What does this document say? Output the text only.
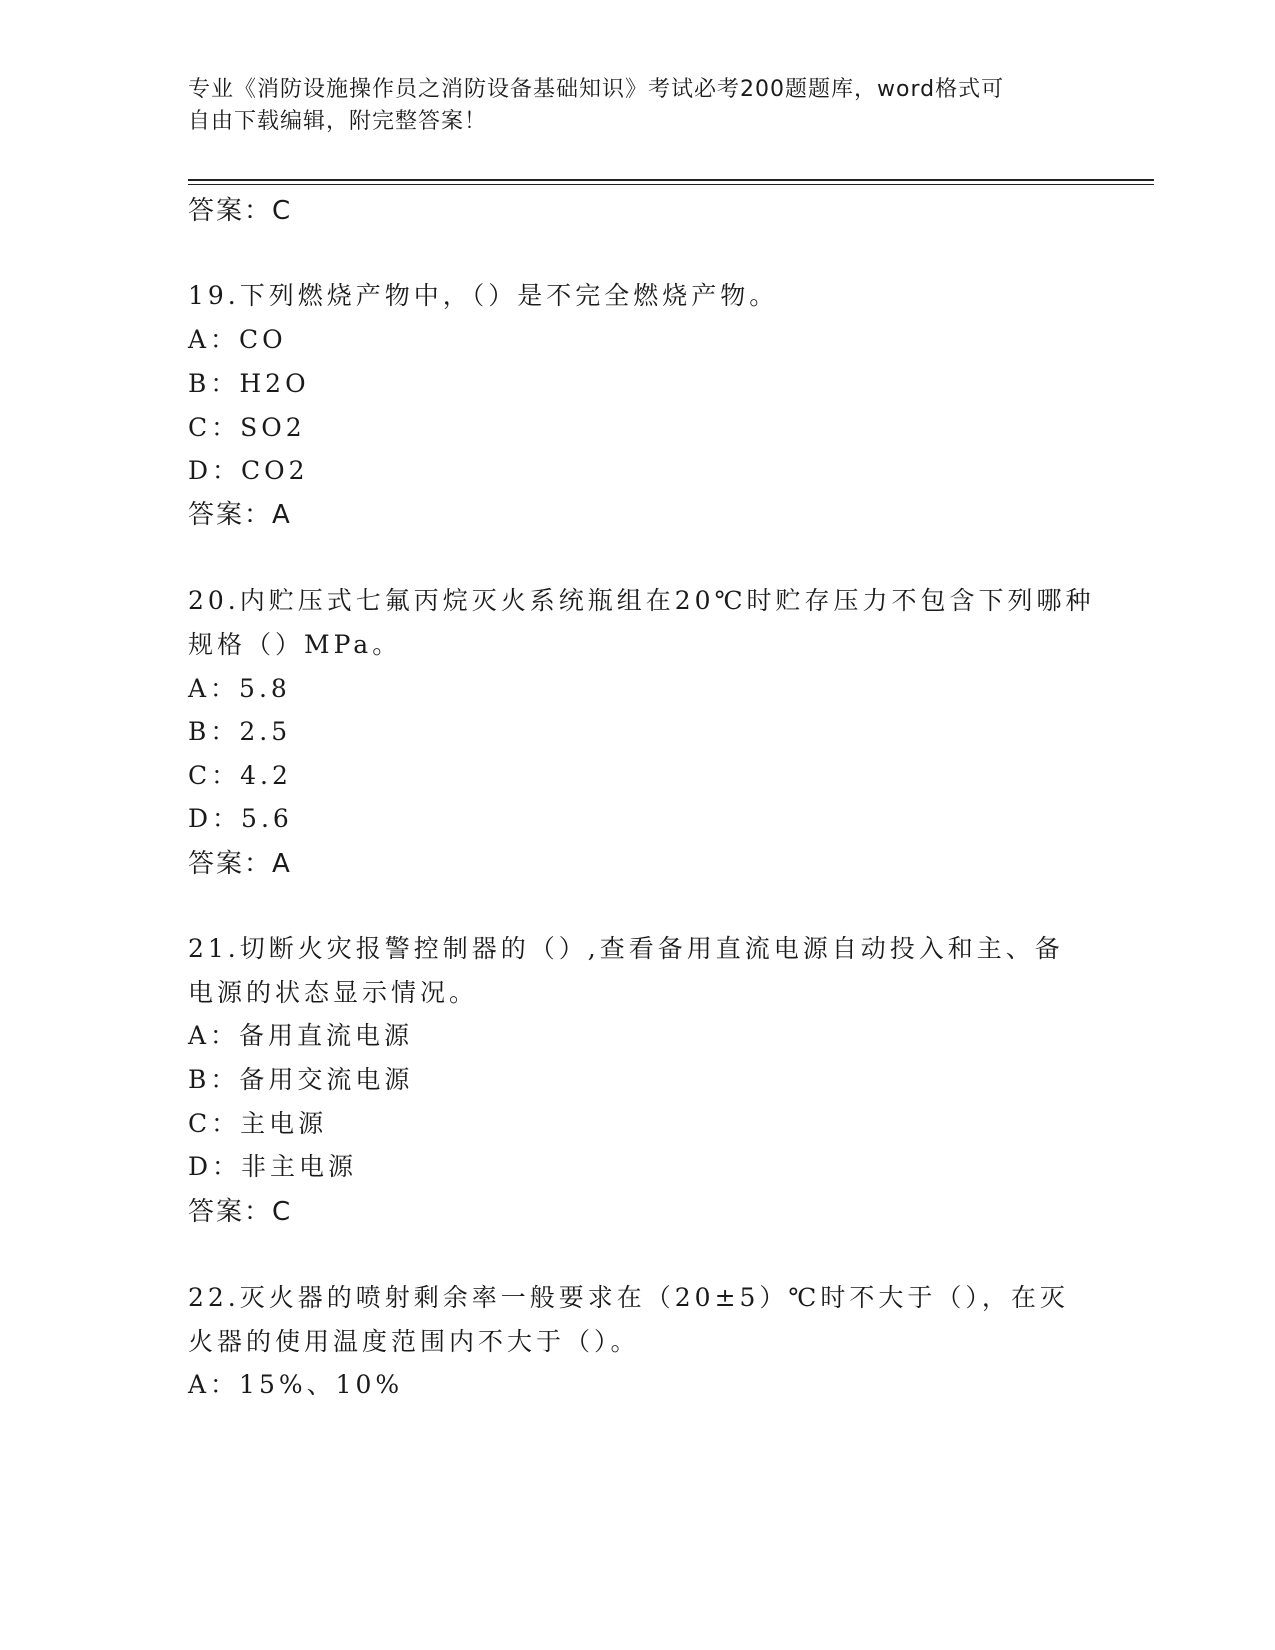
专业《消防设施操作员之消防设备基础知识》考试必考200题题库，word格式可
自由下载编辑，附完整答案！
答案：C
19.下列燃烧产物中，（）是不完全燃烧产物。
A：CO
B：H2O
C：SO2
D：CO2
答案：A
20.内贮压式七氟丙烷灭火系统瓶组在20℃时贮存压力不包含下列哪种
规格（）MPa。
A：5.8
B：2.5
C：4.2
D：5.6
答案：A
21.切断火灾报警控制器的（）,查看备用直流电源自动投入和主、备
电源的状态显示情况。
A：备用直流电源
B：备用交流电源
C：主电源
D：非主电源
答案：C
22.灭火器的喷射剩余率一般要求在（20±5）℃时不大于（），在灭
火器的使用温度范围内不大于（）。
A：15%、10%
